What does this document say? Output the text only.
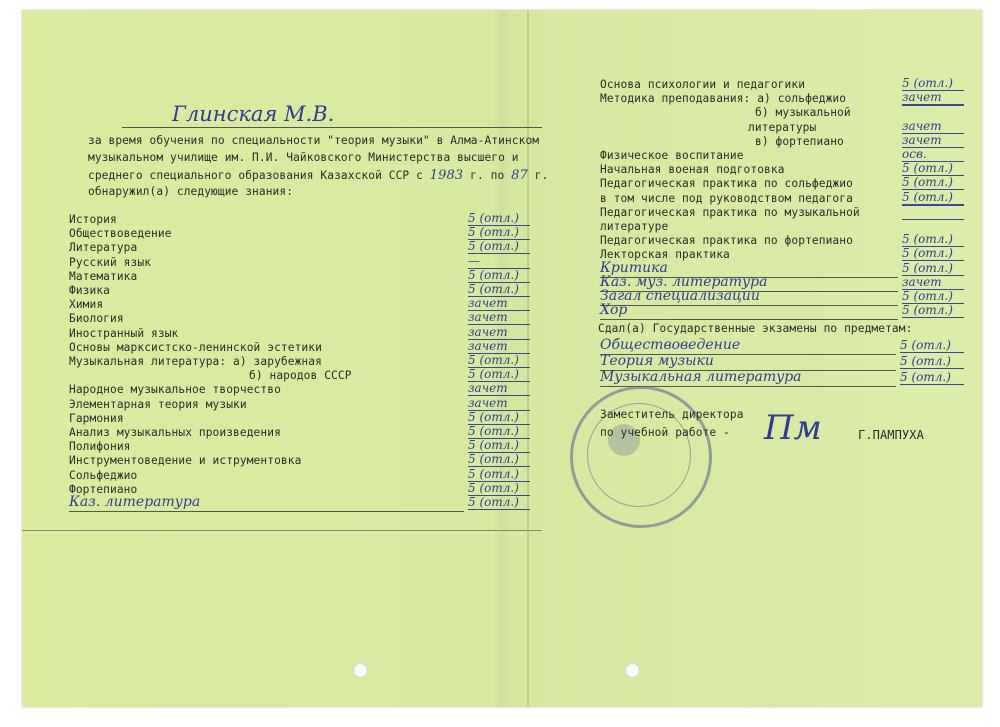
Глинская М.В.
за время обучения по специальности "теория музыки" в Алма-Атинском
музыкальном училище им. П.И. Чайковского Министерства высшего и
среднего специального образования Казахской ССР с 1983 г. по 87 г.
обнаружил(а) следующие знания:
История	5 (отл.)
Обществоведение	5 (отл.)
Литература	5 (отл.)
Русский язык	—
Математика	5 (отл.)
Физика	5 (отл.)
Химия	зачет
Биология	зачет
Иностранный язык	зачет
Основы марксистско-ленинской эстетики	зачет
Музыкальная литература: а) зарубежная	5 (отл.)
б) народов СССР	5 (отл.)
Народное музыкальное творчество	зачет
Элементарная теория музыки	зачет
Гармония	5 (отл.)
Анализ музыкальных произведения	5 (отл.)
Полифония	5 (отл.)
Инструментоведение и иструментовка	5 (отл.)
Сольфеджио	5 (отл.)
Фортепиано	5 (отл.)
Каз. литература	5 (отл.)
Основа психологии и педагогики	5 (отл.)
Методика преподавания: а) сольфеджио	зачет
б) музыкальной
литературы	зачет
в) фортепиано	зачет
Физическое воспитание	осв.
Начальная военая подготовка	5 (отл.)
Педагогическая практика по сольфеджио	5 (отл.)
в том числе под руководством педагога	5 (отл.)
Педагогическая практика по музыкальной
литературе
Педагогическая практика по фортепиано	5 (отл.)
Лекторская практика	5 (отл.)
Критика	5 (отл.)
Каз. муз. литература	зачет
Загал специализации	5 (отл.)
Хор	5 (отл.)
Сдал(а) Государственные экзамены по предметам:
Обществоведение	5 (отл.)
Теория музыки	5 (отл.)
Музыкальная литература	5 (отл.)
Заместитель директора
по учебной работе - Пм	Г.ПАМПУХА
